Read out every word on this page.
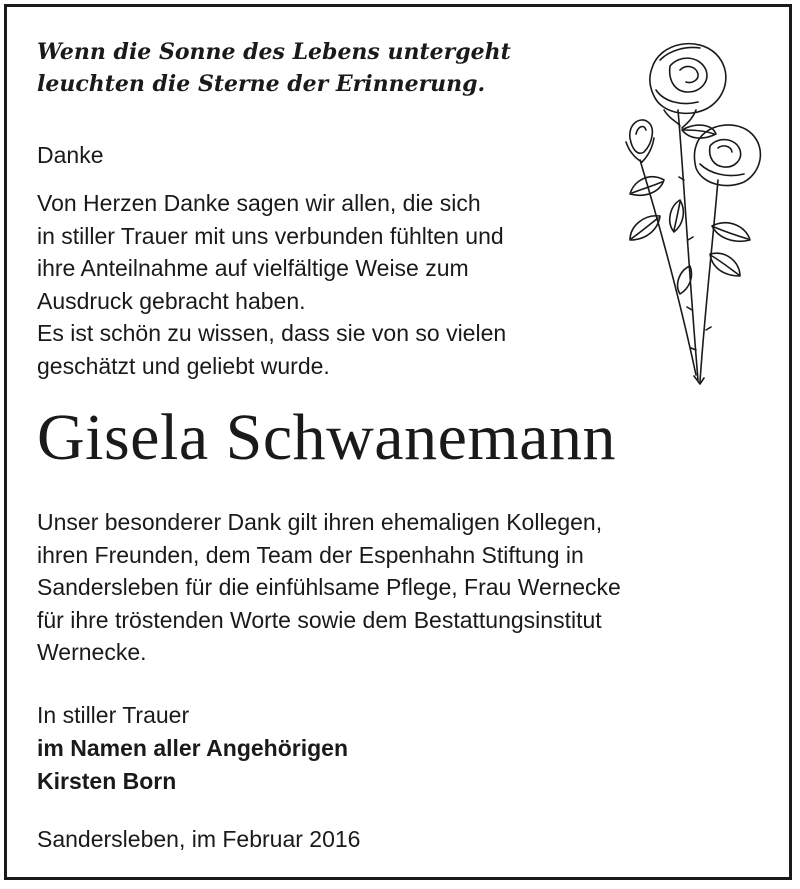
Wenn die Sonne des Lebens untergeht
leuchten die Sterne der Erinnerung.

Danke

Von Herzen Danke sagen wir allen, die sich
in stiller Trauer mit uns verbunden fühlten und
ihre Anteilnahme auf vielfältige Weise zum
Ausdruck gebracht haben.
Es ist schön zu wissen, dass sie von so vielen
geschätzt und geliebt wurde.

Gisela Schwanemann

Unser besonderer Dank gilt ihren ehemaligen Kollegen,
ihren Freunden, dem Team der Espenhahn Stiftung in
Sandersleben für die einfühlsame Pflege, Frau Wernecke
für ihre tröstenden Worte sowie dem Bestattungsinstitut
Wernecke.

In stiller Trauer
im Namen aller Angehörigen
Kirsten Born
Sandersleben, im Februar 2016
